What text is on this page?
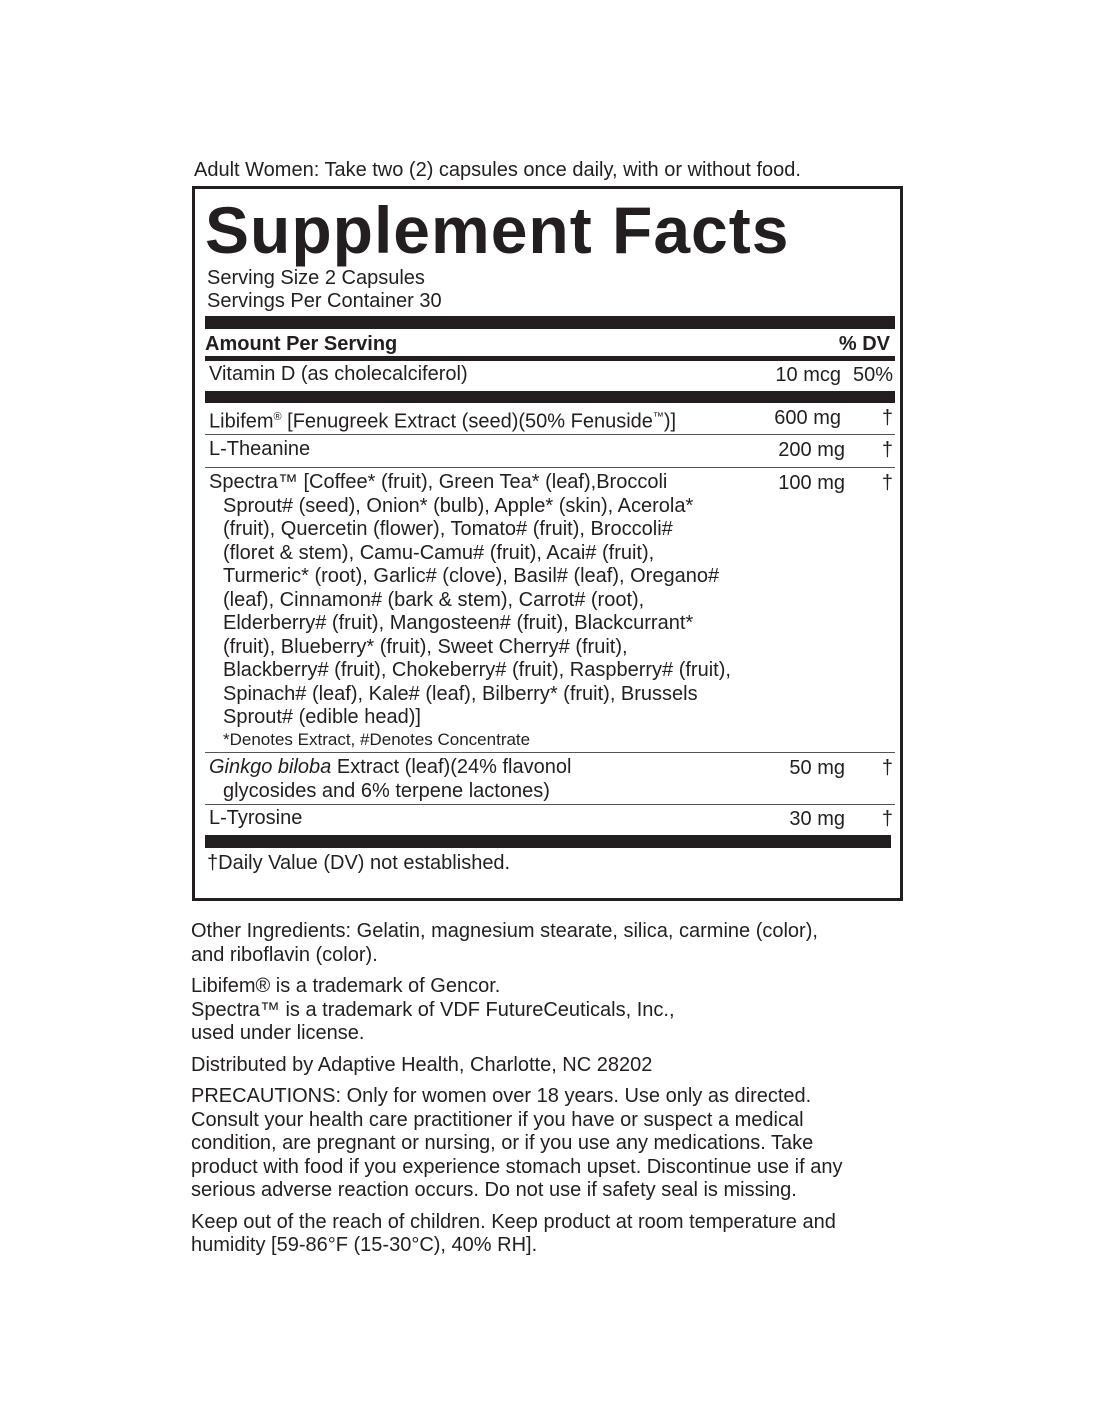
Adult Women: Take two (2) capsules once daily, with or without food.
Supplement Facts
Serving Size 2 Capsules
Servings Per Container 30
Amount Per Serving	% DV
Vitamin D (as cholecalciferol)	10 mcg 50%
Libifem® [Fenugreek Extract (seed)(50% Fenuside™)]	600 mg	†
L-Theanine	200 mg	†
Spectra™ [Coffee* (fruit), Green Tea* (leaf),Broccoli
Sprout# (seed), Onion* (bulb), Apple* (skin), Acerola*
(fruit), Quercetin (flower), Tomato# (fruit), Broccoli#
(floret & stem), Camu-Camu# (fruit), Acai# (fruit),
Turmeric* (root), Garlic# (clove), Basil# (leaf), Oregano#
(leaf), Cinnamon# (bark & stem), Carrot# (root),
Elderberry# (fruit), Mangosteen# (fruit), Blackcurrant*
(fruit), Blueberry* (fruit), Sweet Cherry# (fruit),
Blackberry# (fruit), Chokeberry# (fruit), Raspberry# (fruit),
Spinach# (leaf), Kale# (leaf), Bilberry* (fruit), Brussels
Sprout# (edible head)]
*Denotes Extract, #Denotes Concentrate
100 mg	†
Ginkgo biloba Extract (leaf)(24% flavonol
glycosides and 6% terpene lactones)
50 mg	†
L-Tyrosine	30 mg	†
†Daily Value (DV) not established.

Other Ingredients: Gelatin, magnesium stearate, silica, carmine (color),
and riboflavin (color).

Libifem® is a trademark of Gencor.
Spectra™ is a trademark of VDF FutureCeuticals, Inc.,
used under license.

Distributed by Adaptive Health, Charlotte, NC 28202

PRECAUTIONS: Only for women over 18 years. Use only as directed.
Consult your health care practitioner if you have or suspect a medical
condition, are pregnant or nursing, or if you use any medications. Take
product with food if you experience stomach upset. Discontinue use if any
serious adverse reaction occurs. Do not use if safety seal is missing.

Keep out of the reach of children. Keep product at room temperature and
humidity [59-86°F (15-30°C), 40% RH].
